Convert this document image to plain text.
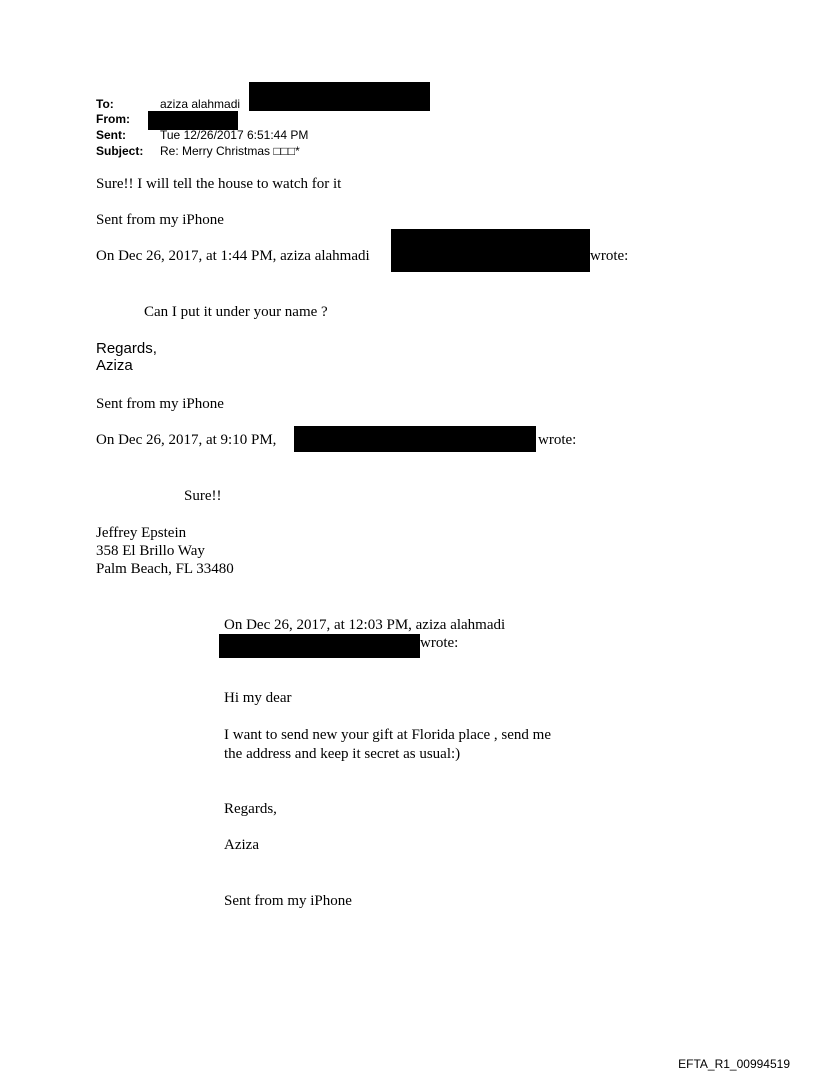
To:	aziza alahmadi
From:
Sent:	Tue 12/26/2017 6:51:44 PM
Subject: Re: Merry Christmas □□□*
Sure!! I will tell the house to watch for it
Sent from my iPhone
On Dec 26, 2017, at 1:44 PM, aziza alahmadi	wrote:
Can I put it under your name ?
Regards,
Aziza
Sent from my iPhone
On Dec 26, 2017, at 9:10 PM,	wrote:
Sure!!
Jeffrey Epstein
358 El Brillo Way
Palm Beach, FL 33480
On Dec 26, 2017, at 12:03 PM, aziza alahmadi
wrote:
Hi my dear
I want to send new your gift at Florida place , send me
the address and keep it secret as usual:)
Regards,
Aziza
Sent from my iPhone
EFTA_R1_00994519
